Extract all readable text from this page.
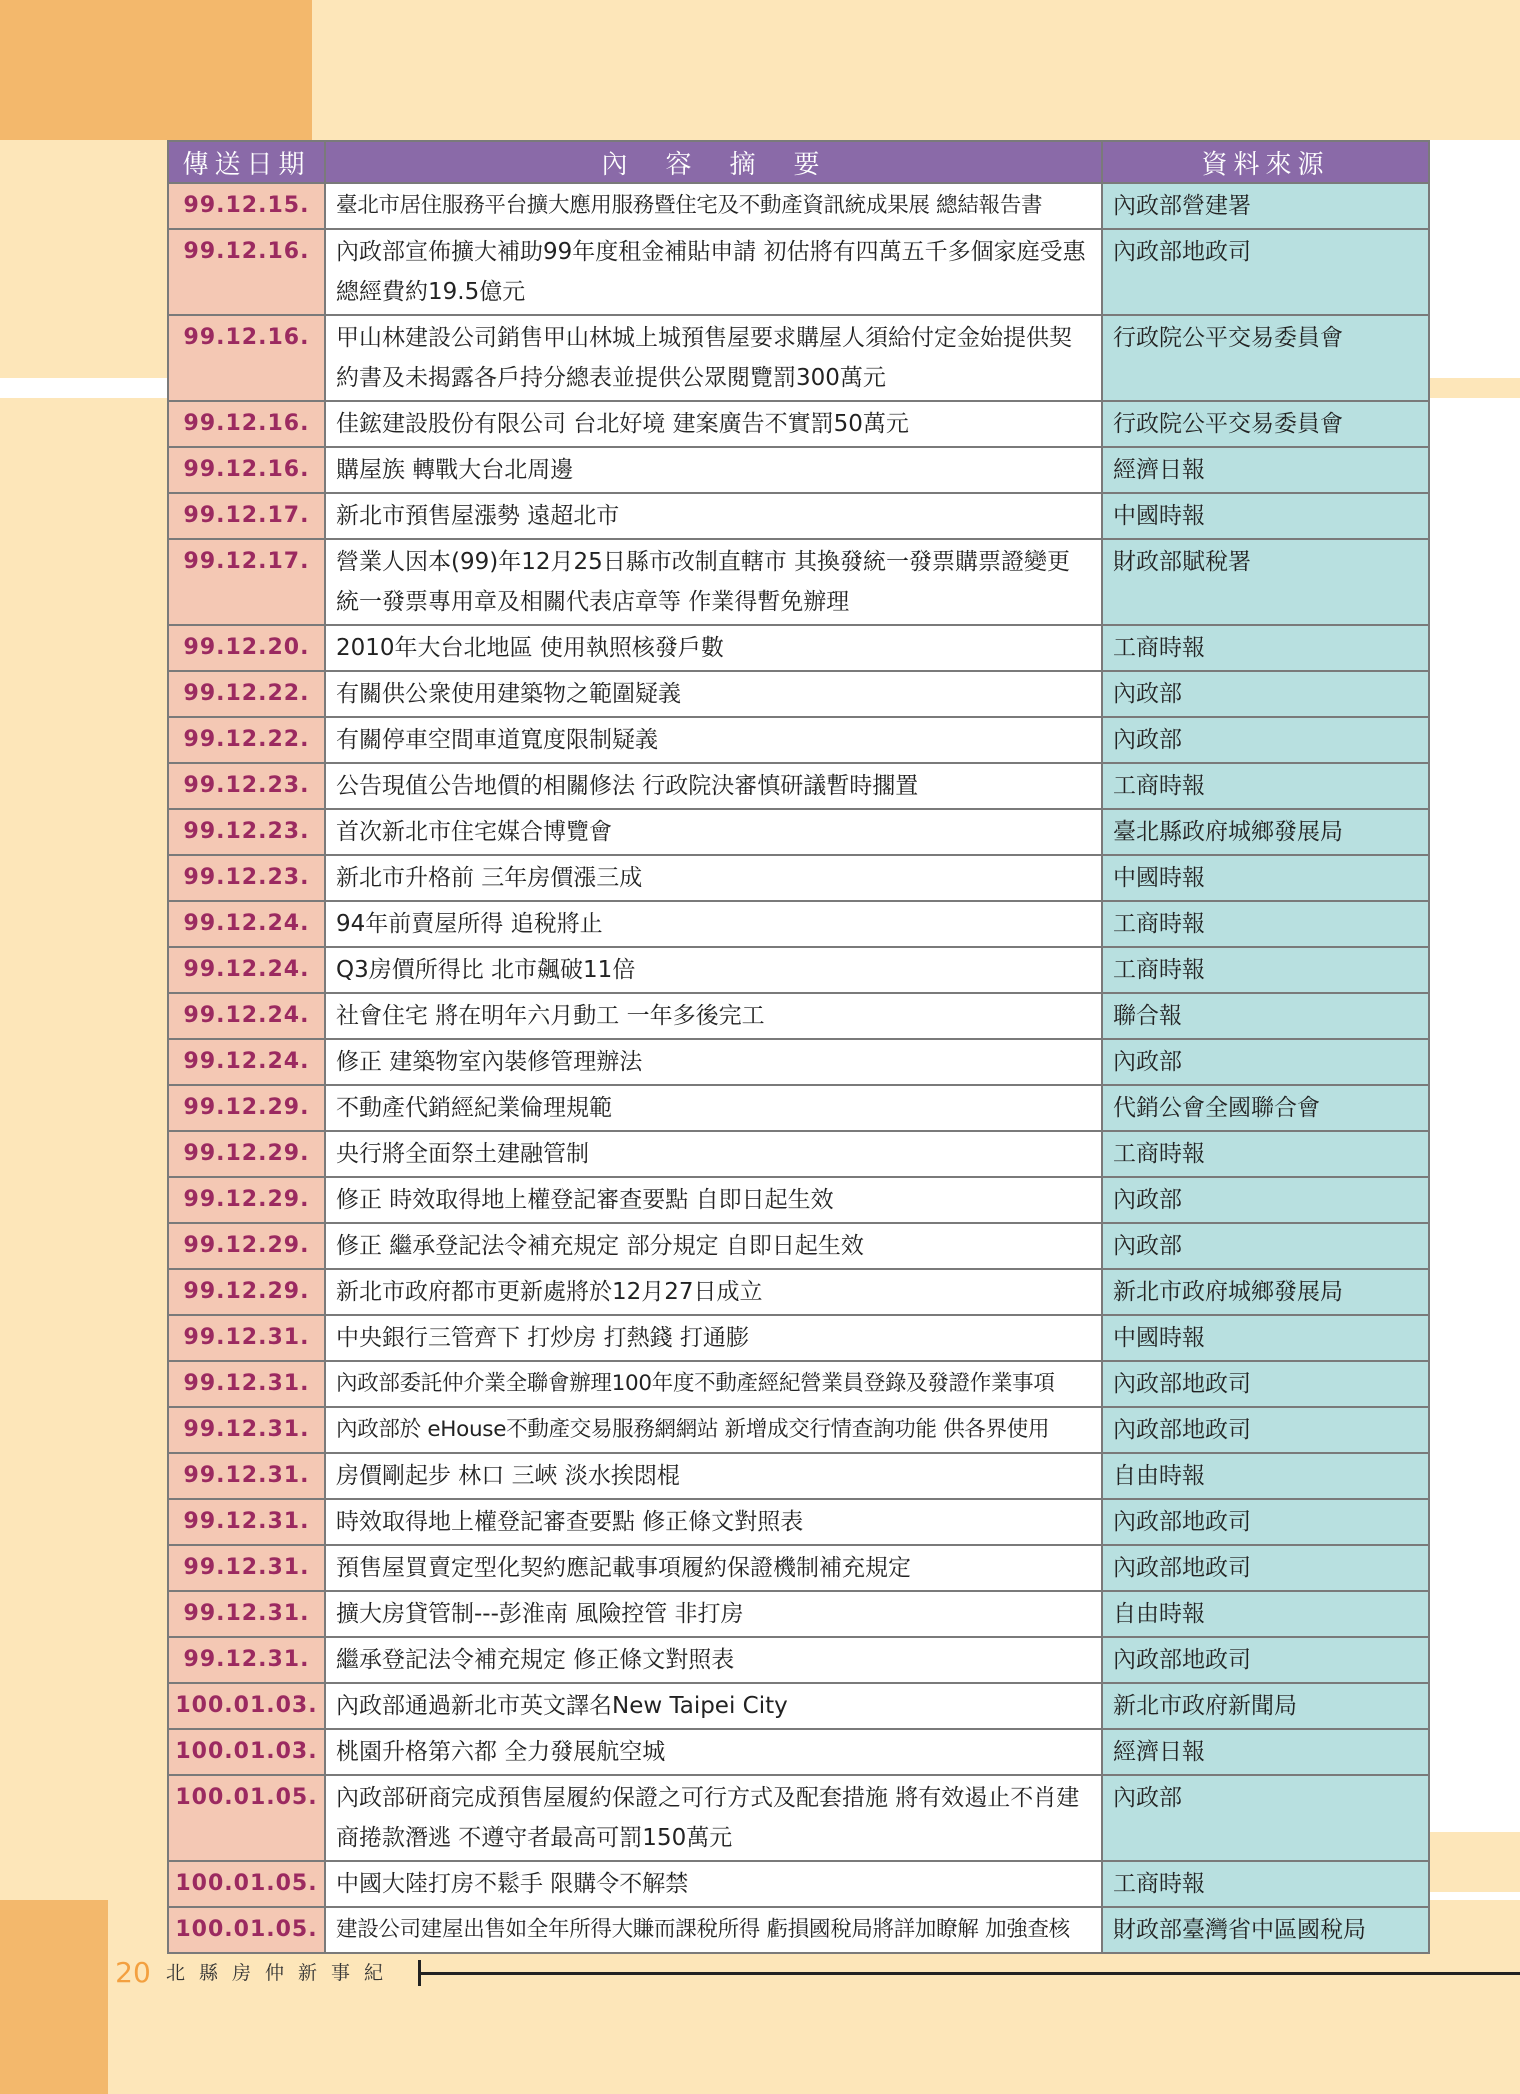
傳送日期	內　容　摘　要	資料來源
99.12.15.	臺北市居住服務平台擴大應用服務暨住宅及不動產資訊統成果展 總結報告書	內政部營建署
99.12.16.	內政部宣佈擴大補助99年度租金補貼申請 初估將有四萬五千多個家庭受惠 總經費約19.5億元	內政部地政司
99.12.16.	甲山林建設公司銷售甲山林城上城預售屋要求購屋人須給付定金始提供契約書及未揭露各戶持分總表並提供公眾閱覽罰300萬元	行政院公平交易委員會
99.12.16.	佳鋐建設股份有限公司 台北好境 建案廣告不實罰50萬元	行政院公平交易委員會
99.12.16.	購屋族 轉戰大台北周邊	經濟日報
99.12.17.	新北市預售屋漲勢 遠超北市	中國時報
99.12.17.	營業人因本(99)年12月25日縣市改制直轄市 其換發統一發票購票證變更統一發票專用章及相關代表店章等 作業得暫免辦理	財政部賦稅署
99.12.20.	2010年大台北地區 使用執照核發戶數	工商時報
99.12.22.	有關供公衆使用建築物之範圍疑義	內政部
99.12.22.	有關停車空間車道寬度限制疑義	內政部
99.12.23.	公告現值公告地價的相關修法 行政院決審慎研議暫時擱置	工商時報
99.12.23.	首次新北市住宅媒合博覽會	臺北縣政府城鄉發展局
99.12.23.	新北市升格前 三年房價漲三成	中國時報
99.12.24.	94年前賣屋所得 追稅將止	工商時報
99.12.24.	Q3房價所得比 北市飆破11倍	工商時報
99.12.24.	社會住宅 將在明年六月動工 一年多後完工	聯合報
99.12.24.	修正 建築物室內裝修管理辦法	內政部
99.12.29.	不動產代銷經紀業倫理規範	代銷公會全國聯合會
99.12.29.	央行將全面祭土建融管制	工商時報
99.12.29.	修正 時效取得地上權登記審查要點 自即日起生效	內政部
99.12.29.	修正 繼承登記法令補充規定 部分規定 自即日起生效	內政部
99.12.29.	新北市政府都市更新處將於12月27日成立	新北市政府城鄉發展局
99.12.31.	中央銀行三管齊下 打炒房 打熱錢 打通膨	中國時報
99.12.31.	內政部委託仲介業全聯會辦理100年度不動產經紀營業員登錄及發證作業事項	內政部地政司
99.12.31.	內政部於 eHouse不動產交易服務網網站 新增成交行情查詢功能 供各界使用	內政部地政司
99.12.31.	房價剛起步 林口 三峽 淡水挨悶棍	自由時報
99.12.31.	時效取得地上權登記審查要點 修正條文對照表	內政部地政司
99.12.31.	預售屋買賣定型化契約應記載事項履約保證機制補充規定	內政部地政司
99.12.31.	擴大房貸管制---彭淮南 風險控管 非打房	自由時報
99.12.31.	繼承登記法令補充規定 修正條文對照表	內政部地政司
100.01.03.	內政部通過新北市英文譯名New Taipei City	新北市政府新聞局
100.01.03.	桃園升格第六都 全力發展航空城	經濟日報
100.01.05.	內政部研商完成預售屋履約保證之可行方式及配套措施 將有效遏止不肖建商捲款潛逃 不遵守者最高可罰150萬元	內政部
100.01.05.	中國大陸打房不鬆手 限購令不解禁	工商時報
100.01.05.	建設公司建屋出售如全年所得大賺而課稅所得 虧損國稅局將詳加瞭解 加強查核	財政部臺灣省中區國稅局
20 北縣房仲新事紀
